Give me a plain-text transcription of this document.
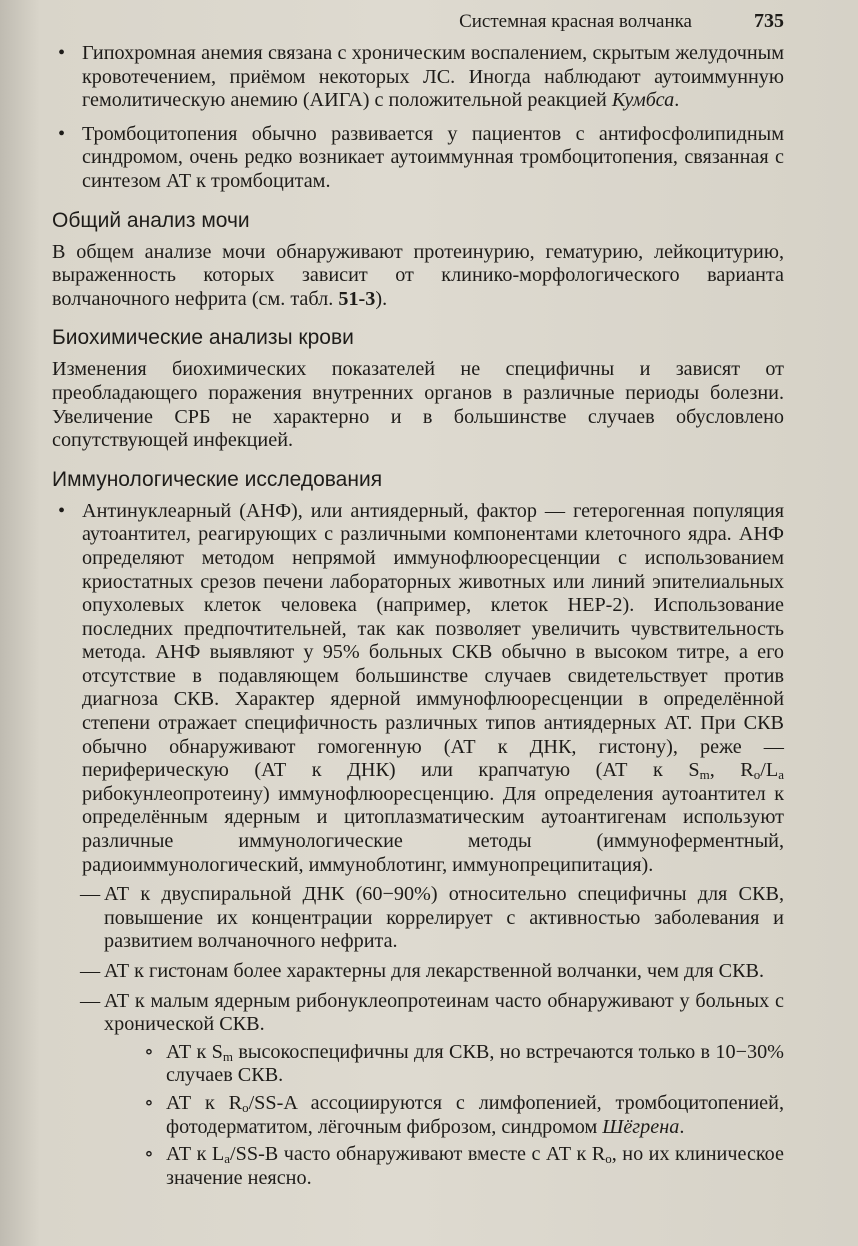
Системная красная волчанка	735

• Гипохромная анемия связана с хроническим воспалением, скрытым желудочным кровотечением, приёмом некоторых ЛС. Иногда наблюдают аутоиммунную гемолитическую анемию (АИГА) с положительной реакцией Кумбса.

• Тромбоцитопения обычно развивается у пациентов с антифосфолипидным синдромом, очень редко возникает аутоиммунная тромбоцитопения, связанная с синтезом АТ к тромбоцитам.

Общий анализ мочи

В общем анализе мочи обнаруживают протеинурию, гематурию, лейкоцитурию, выраженность которых зависит от клинико-морфологического варианта волчаночного нефрита (см. табл. 51-3).

Биохимические анализы крови

Изменения биохимических показателей не специфичны и зависят от преобладающего поражения внутренних органов в различные периоды болезни. Увеличение СРБ не характерно и в большинстве случаев обусловлено сопутствующей инфекцией.

Иммунологические исследования

• Антинуклеарный (АНФ), или антиядерный, фактор — гетерогенная популяция аутоантител, реагирующих с различными компонентами клеточного ядра. АНФ определяют методом непрямой иммунофлюоресценции с использованием криостатных срезов печени лабораторных животных или линий эпителиальных опухолевых клеток человека (например, клеток НЕР-2). Использование последних предпочтительней, так как позволяет увеличить чувствительность метода. АНФ выявляют у 95% больных СКВ обычно в высоком титре, а его отсутствие в подавляющем большинстве случаев свидетельствует против диагноза СКВ. Характер ядерной иммунофлюоресценции в определённой степени отражает специфичность различных типов антиядерных АТ. При СКВ обычно обнаруживают гомогенную (АТ к ДНК, гистону), реже — периферическую (АТ к ДНК) или крапчатую (АТ к $S_m$, $R_o/L_a$ рибокунлеопротеину) иммунофлюоресценцию. Для определения аутоантител к определённым ядерным и цитоплазматическим аутоантигенам используют различные иммунологические методы (иммуноферментный, радиоиммунологический, иммуноблотинг, иммунопреципитация).

— АТ к двуспиральной ДНК (60−90%) относительно специфичны для СКВ, повышение их концентрации коррелирует с активностью заболевания и развитием волчаночного нефрита.

— АТ к гистонам более характерны для лекарственной волчанки, чем для СКВ.

— АТ к малым ядерным рибонуклеопротеинам часто обнаруживают у больных с хронической СКВ.

∘ АТ к $S_m$ высокоспецифичны для СКВ, но встречаются только в 10−30% случаев СКВ.

∘ АТ к $R_o/SS-A$ ассоциируются с лимфопенией, тромбоцитопенией, фотодерматитом, лёгочным фиброзом, синдромом Шёгрена.

∘ АТ к $L_a/SS-B$ часто обнаруживают вместе с АТ к $R_o$, но их клиническое значение неясно.
